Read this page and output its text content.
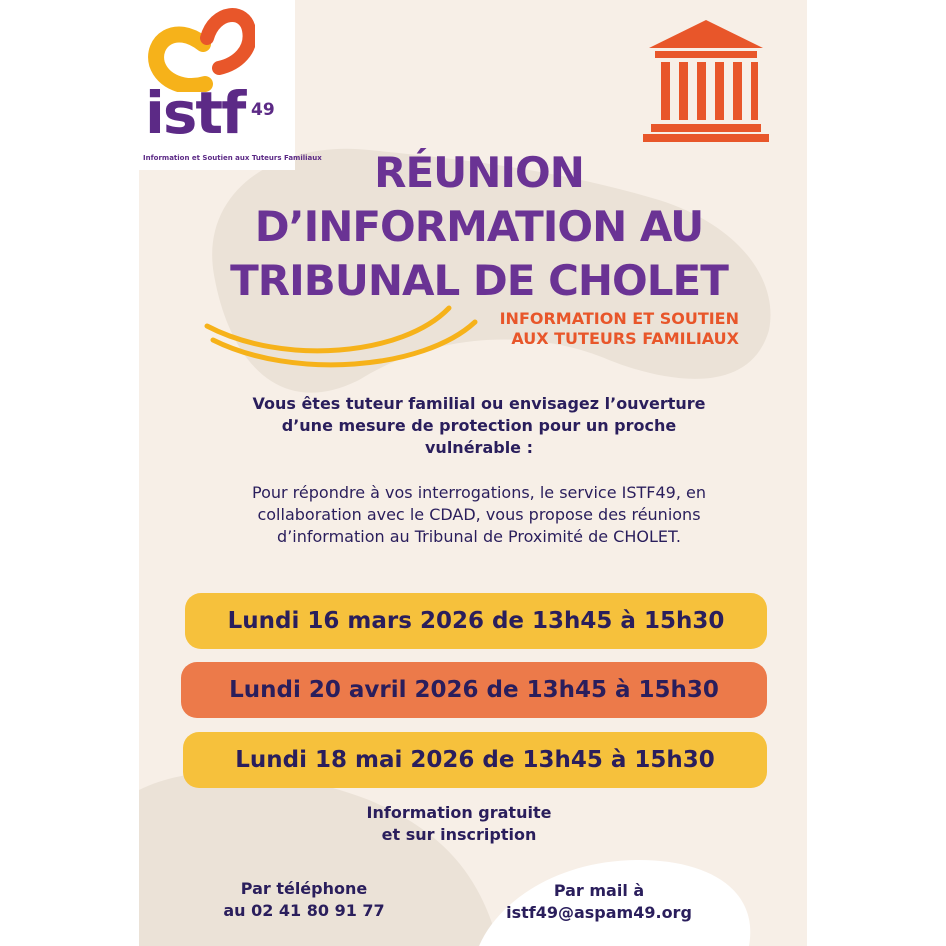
istf 49
Information et Soutien aux Tuteurs Familiaux	RÉUNION
D’INFORMATION AU
TRIBUNAL DE CHOLET
INFORMATION ET SOUTIEN
AUX TUTEURS FAMILIAUX
Vous êtes tuteur familial ou envisagez l’ouverture
d’une mesure de protection pour un proche
vulnérable :
Pour répondre à vos interrogations, le service ISTF49, en
collaboration avec le CDAD, vous propose des réunions
d’information au Tribunal de Proximité de CHOLET.
Lundi 16 mars 2026 de 13h45 à 15h30
Lundi 20 avril 2026 de 13h45 à 15h30
Lundi 18 mai 2026 de 13h45 à 15h30
Information gratuite
et sur inscription
Par téléphone
au 02 41 80 91 77
Par mail à
istf49@aspam49.org
